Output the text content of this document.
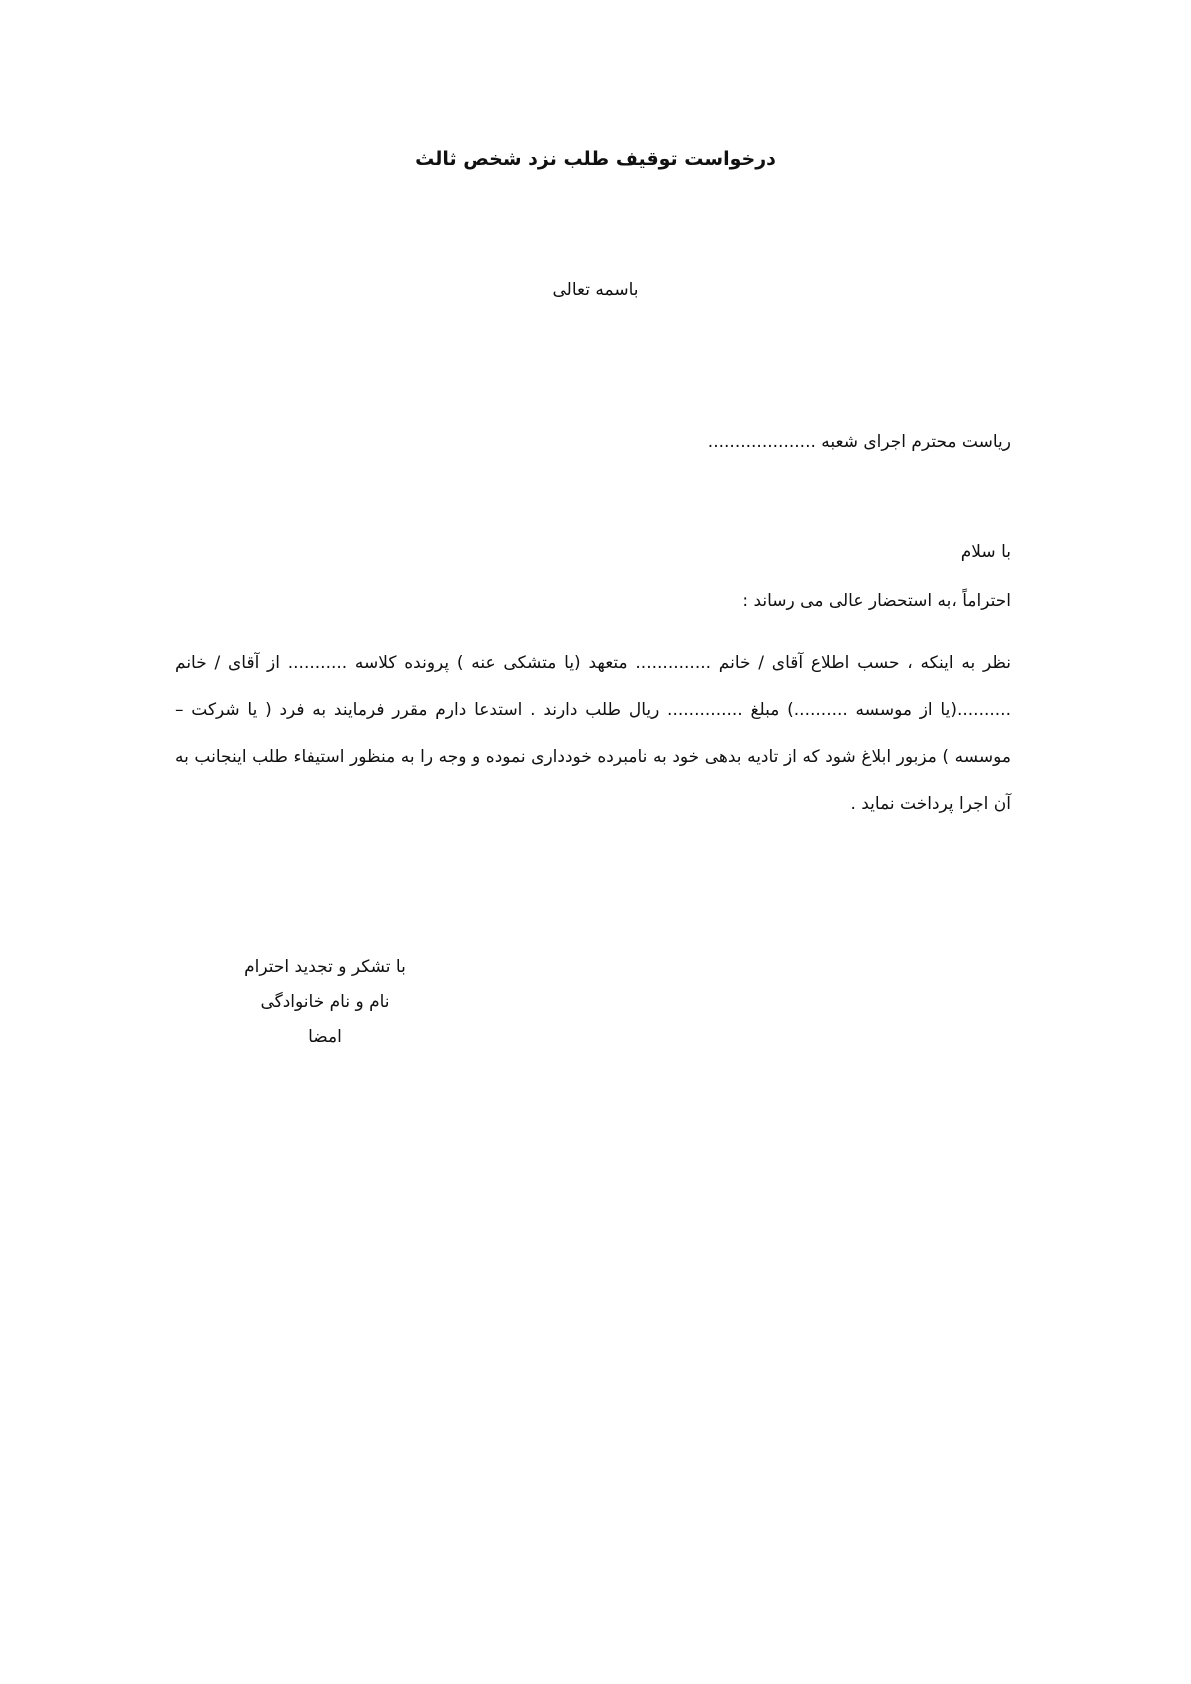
درخواست توقیف طلب نزد شخص ثالث
باسمه تعالی
ریاست محترم اجرای شعبه ....................
با سلام
احتراماً ،به استحضار عالی می رساند :

نظر به اینکه ، حسب اطلاع آقای / خانم .............. متعهد (یا متشکی عنه ) پرونده کلاسه ........... از آقای / خانم ..........(یا از موسسه ..........) مبلغ .............. ریال طلب دارند . استدعا دارم مقرر فرمایند به فرد ( یا شرکت – موسسه ) مزبور ابلاغ شود که از تادیه بدهی خود به نامبرده خودداری نموده و وجه را به منظور استیفاء طلب اینجانب به آن اجرا پرداخت نماید .

با تشکر و تجدید احترام
نام و نام خانوادگی
امضا
